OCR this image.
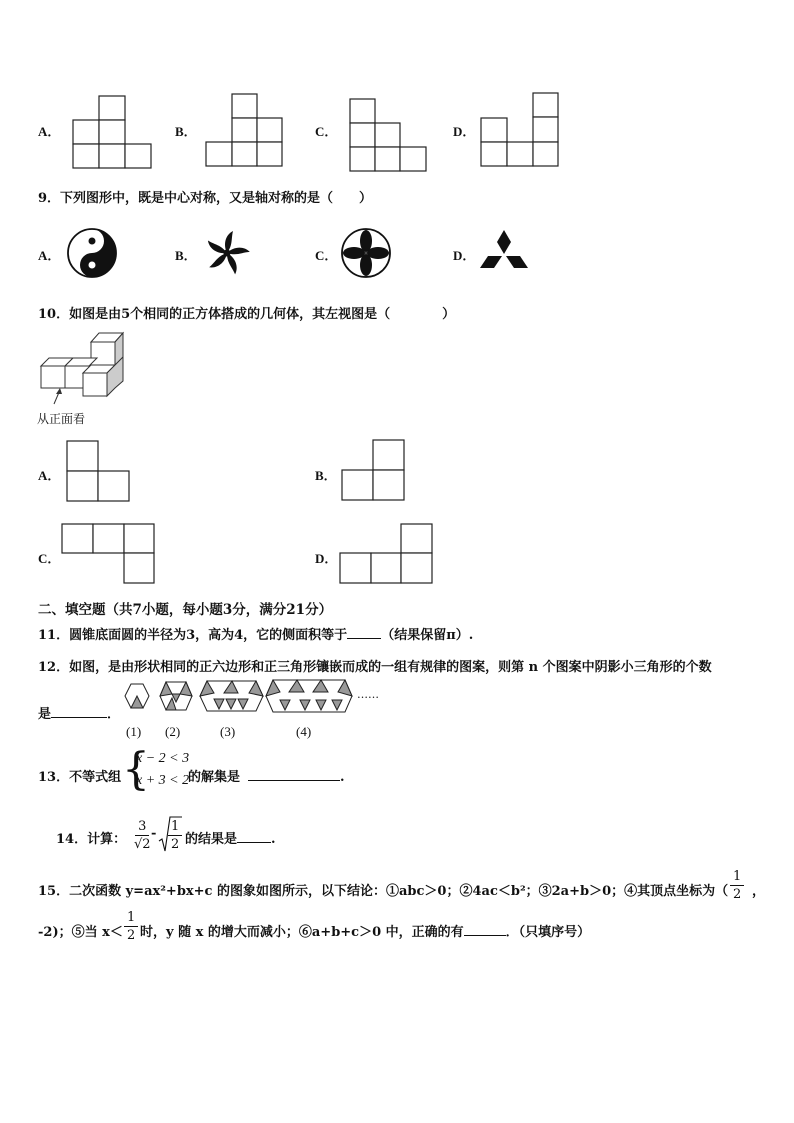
A．	B．	C．	D．
9．下列图形中，既是中心对称，又是轴对称的是（　　）
A．	B．	C．	D．
10．如图是由5个相同的正方体搭成的几何体，其左视图是（　　　　）
从正面看
A．	B．
C．	D．
二、填空题（共7小题，每小题3分，满分21分）
11．圆锥底面圆的半径为3，高为4，它的侧面积等于	（结果保留π）.
12．如图，是由形状相同的正六边形和正三角形镶嵌而成的一组有规律的图案，则第 n 个图案中阴影小三角形的个数
是	．
……
(1) (2)	(3)	(4)
13．不等式组 {
x − 2 < 3
x + 3 < 2
的解集是	.
14．计算： $\frac{3}{√2}$
- $\frac{1}{2}$ 的结果是	.
15．二次函数 y=ax²+bx+c 的图象如图所示，以下结论：①abc＞0；②4ac＜b²；③2a+b＞0；④其顶点坐标为（ $\frac{1}{2}$ ，
-2)；⑤当 $x< \frac{1}{2}$ 时，y 随 x 的增大而减小；⑥a+b+c＞0 中，正确的有	．（只填序号）
